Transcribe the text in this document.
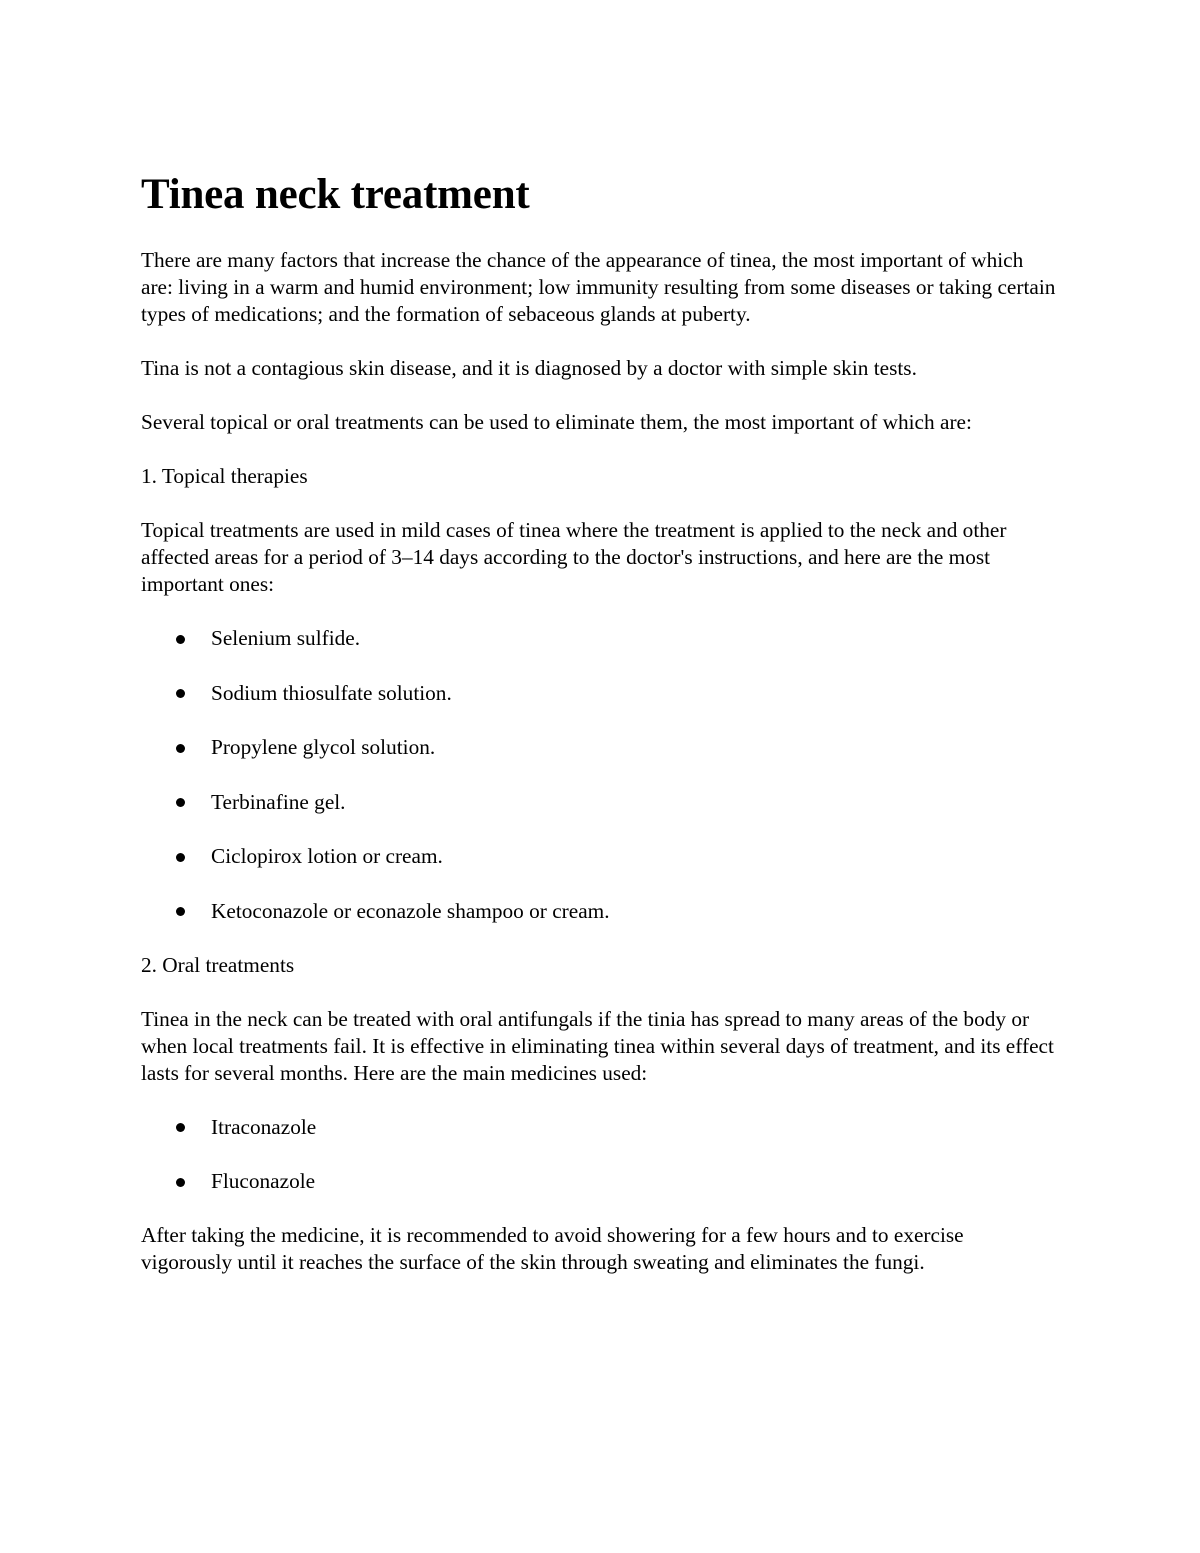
Tinea neck treatment

There are many factors that increase the chance of the appearance of tinea, the most important of which are: living in a warm and humid environment; low immunity resulting from some diseases or taking certain types of medications; and the formation of sebaceous glands at puberty.

Tina is not a contagious skin disease, and it is diagnosed by a doctor with simple skin tests.

Several topical or oral treatments can be used to eliminate them, the most important of which are:

1. Topical therapies

Topical treatments are used in mild cases of tinea where the treatment is applied to the neck and other affected areas for a period of 3–14 days according to the doctor's instructions, and here are the most important ones:

Selenium sulfide.
Sodium thiosulfate solution.
Propylene glycol solution.
Terbinafine gel.
Ciclopirox lotion or cream.
Ketoconazole or econazole shampoo or cream.

2. Oral treatments

Tinea in the neck can be treated with oral antifungals if the tinia has spread to many areas of the body or when local treatments fail. It is effective in eliminating tinea within several days of treatment, and its effect lasts for several months. Here are the main medicines used:

Itraconazole
Fluconazole

After taking the medicine, it is recommended to avoid showering for a few hours and to exercise vigorously until it reaches the surface of the skin through sweating and eliminates the fungi.
